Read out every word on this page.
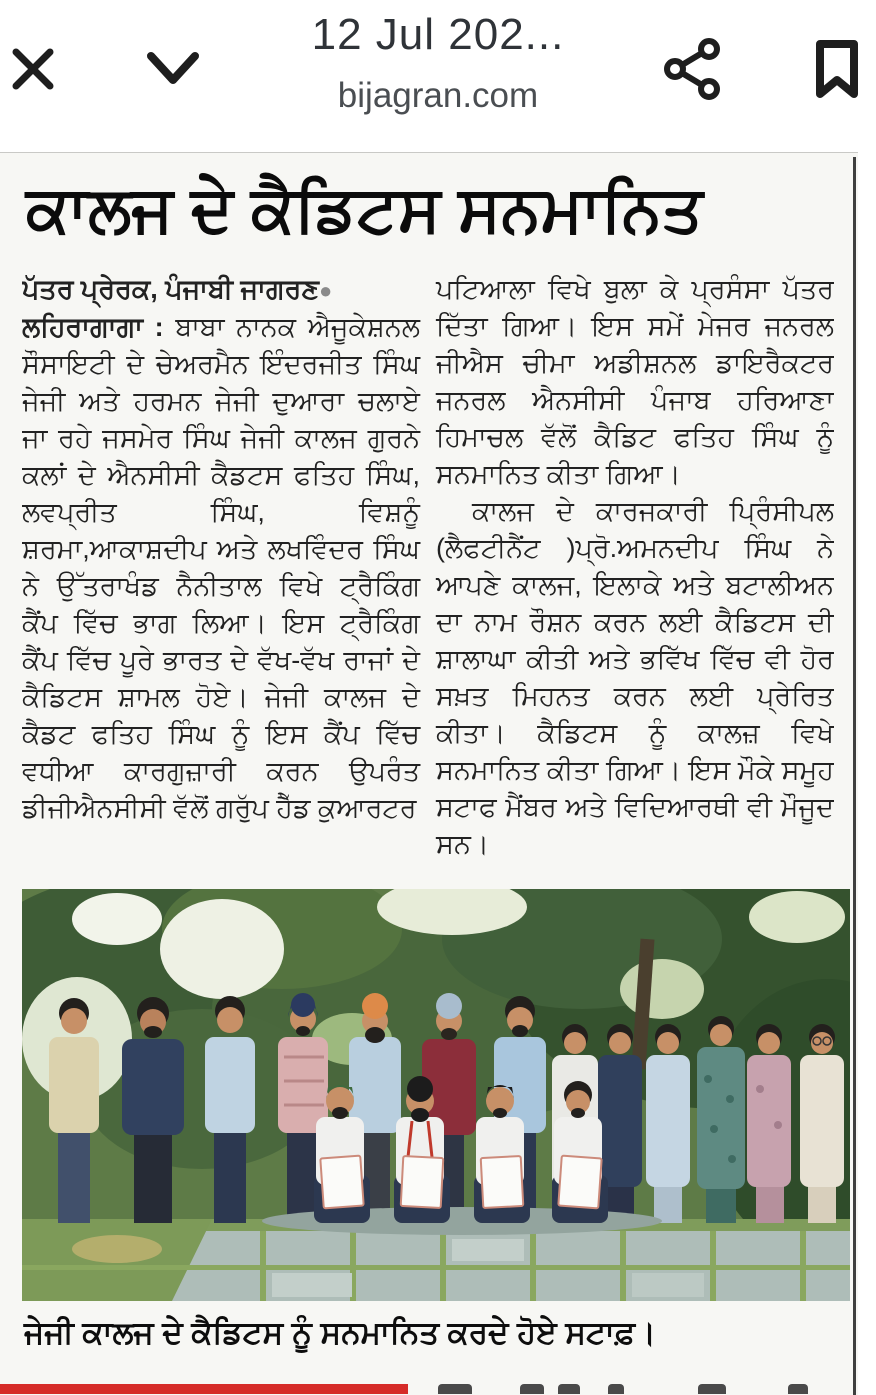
12 Jul 202...
bijagran.com
ਕਾਲਜ ਦੇ ਕੈਡਿਟਸ ਸਨਮਾਨਿਤ

ਪੱਤਰ ਪ੍ਰੇਰਕ, ਪੰਜਾਬੀ ਜਾਗਰਣ●
ਲਹਿਰਾਗਾਗਾ : ਬਾਬਾ ਨਾਨਕ ਐਜੂਕੇਸ਼ਨਲ ਸੌਸਾਇਟੀ ਦੇ ਚੇਅਰਮੈਨ ਇੰਦਰਜੀਤ ਸਿੰਘ ਜੇਜੀ ਅਤੇ ਹਰਮਨ ਜੇਜੀ ਦੁਆਰਾ ਚਲਾਏ ਜਾ ਰਹੇ ਜਸਮੇਰ ਸਿੰਘ ਜੇਜੀ ਕਾਲਜ ਗੁਰਨੇ ਕਲਾਂ ਦੇ ਐਨਸੀਸੀ ਕੈਡਟਸ ਫਤਿਹ ਸਿੰਘ, ਲਵਪ੍ਰੀਤ ਸਿੰਘ, ਵਿਸ਼ਨੂੰ ਸ਼ਰਮਾ,ਆਕਾਸ਼ਦੀਪ ਅਤੇ ਲਖਵਿੰਦਰ ਸਿੰਘ ਨੇ ਉੱਤਰਾਖੰਡ ਨੈਨੀਤਾਲ ਵਿਖੇ ਟ੍ਰੈਕਿੰਗ ਕੈਂਪ ਵਿੱਚ ਭਾਗ ਲਿਆ। ਇਸ ਟ੍ਰੈਕਿੰਗ ਕੈਂਪ ਵਿੱਚ ਪੂਰੇ ਭਾਰਤ ਦੇ ਵੱਖ-ਵੱਖ ਰਾਜਾਂ ਦੇ ਕੈਡਿਟਸ ਸ਼ਾਮਲ ਹੋਏ। ਜੇਜੀ ਕਾਲਜ ਦੇ ਕੈਡਟ ਫਤਿਹ ਸਿੰਘ ਨੂੰ ਇਸ ਕੈਂਪ ਵਿੱਚ ਵਧੀਆ ਕਾਰਗੁਜ਼ਾਰੀ ਕਰਨ ਉਪਰੰਤ ਡੀਜੀਐਨਸੀਸੀ ਵੱਲੋਂ ਗਰੁੱਪ ਹੈੱਡ ਕੁਆਰਟਰ

ਪਟਿਆਲਾ ਵਿਖੇ ਬੁਲਾ ਕੇ ਪ੍ਰਸੰਸਾ ਪੱਤਰ ਦਿੱਤਾ ਗਿਆ। ਇਸ ਸਮੇਂ ਮੇਜਰ ਜਨਰਲ ਜੀਐਸ ਚੀਮਾ ਅਡੀਸ਼ਨਲ ਡਾਇਰੈਕਟਰ ਜਨਰਲ ਐਨਸੀਸੀ ਪੰਜਾਬ ਹਰਿਆਣਾ ਹਿਮਾਚਲ ਵੱਲੋਂ ਕੈਡਿਟ ਫਤਿਹ ਸਿੰਘ ਨੂੰ ਸਨਮਾਨਿਤ ਕੀਤਾ ਗਿਆ।

ਕਾਲਜ ਦੇ ਕਾਰਜਕਾਰੀ ਪ੍ਰਿੰਸੀਪਲ (ਲੈਫਟੀਨੈਂਟ )ਪ੍ਰੋ.ਅਮਨਦੀਪ ਸਿੰਘ ਨੇ ਆਪਣੇ ਕਾਲਜ, ਇਲਾਕੇ ਅਤੇ ਬਟਾਲੀਅਨ ਦਾ ਨਾਮ ਰੌਸ਼ਨ ਕਰਨ ਲਈ ਕੈਡਿਟਸ ਦੀ ਸ਼ਾਲਾਘਾ ਕੀਤੀ ਅਤੇ ਭਵਿੱਖ ਵਿੱਚ ਵੀ ਹੋਰ ਸਖ਼ਤ ਮਿਹਨਤ ਕਰਨ ਲਈ ਪ੍ਰੇਰਿਤ ਕੀਤਾ। ਕੈਡਿਟਸ ਨੂੰ ਕਾਲਜ਼ ਵਿਖੇ ਸਨਮਾਨਿਤ ਕੀਤਾ ਗਿਆ। ਇਸ ਮੌਕੇ ਸਮੂਹ ਸਟਾਫ ਮੈਂਬਰ ਅਤੇ ਵਿਦਿਆਰਥੀ ਵੀ ਮੌਜੂਦ ਸਨ।

ਜੇਜੀ ਕਾਲਜ ਦੇ ਕੈਡਿਟਸ ਨੂੰ ਸਨਮਾਨਿਤ ਕਰਦੇ ਹੋਏ ਸਟਾਫ਼।
